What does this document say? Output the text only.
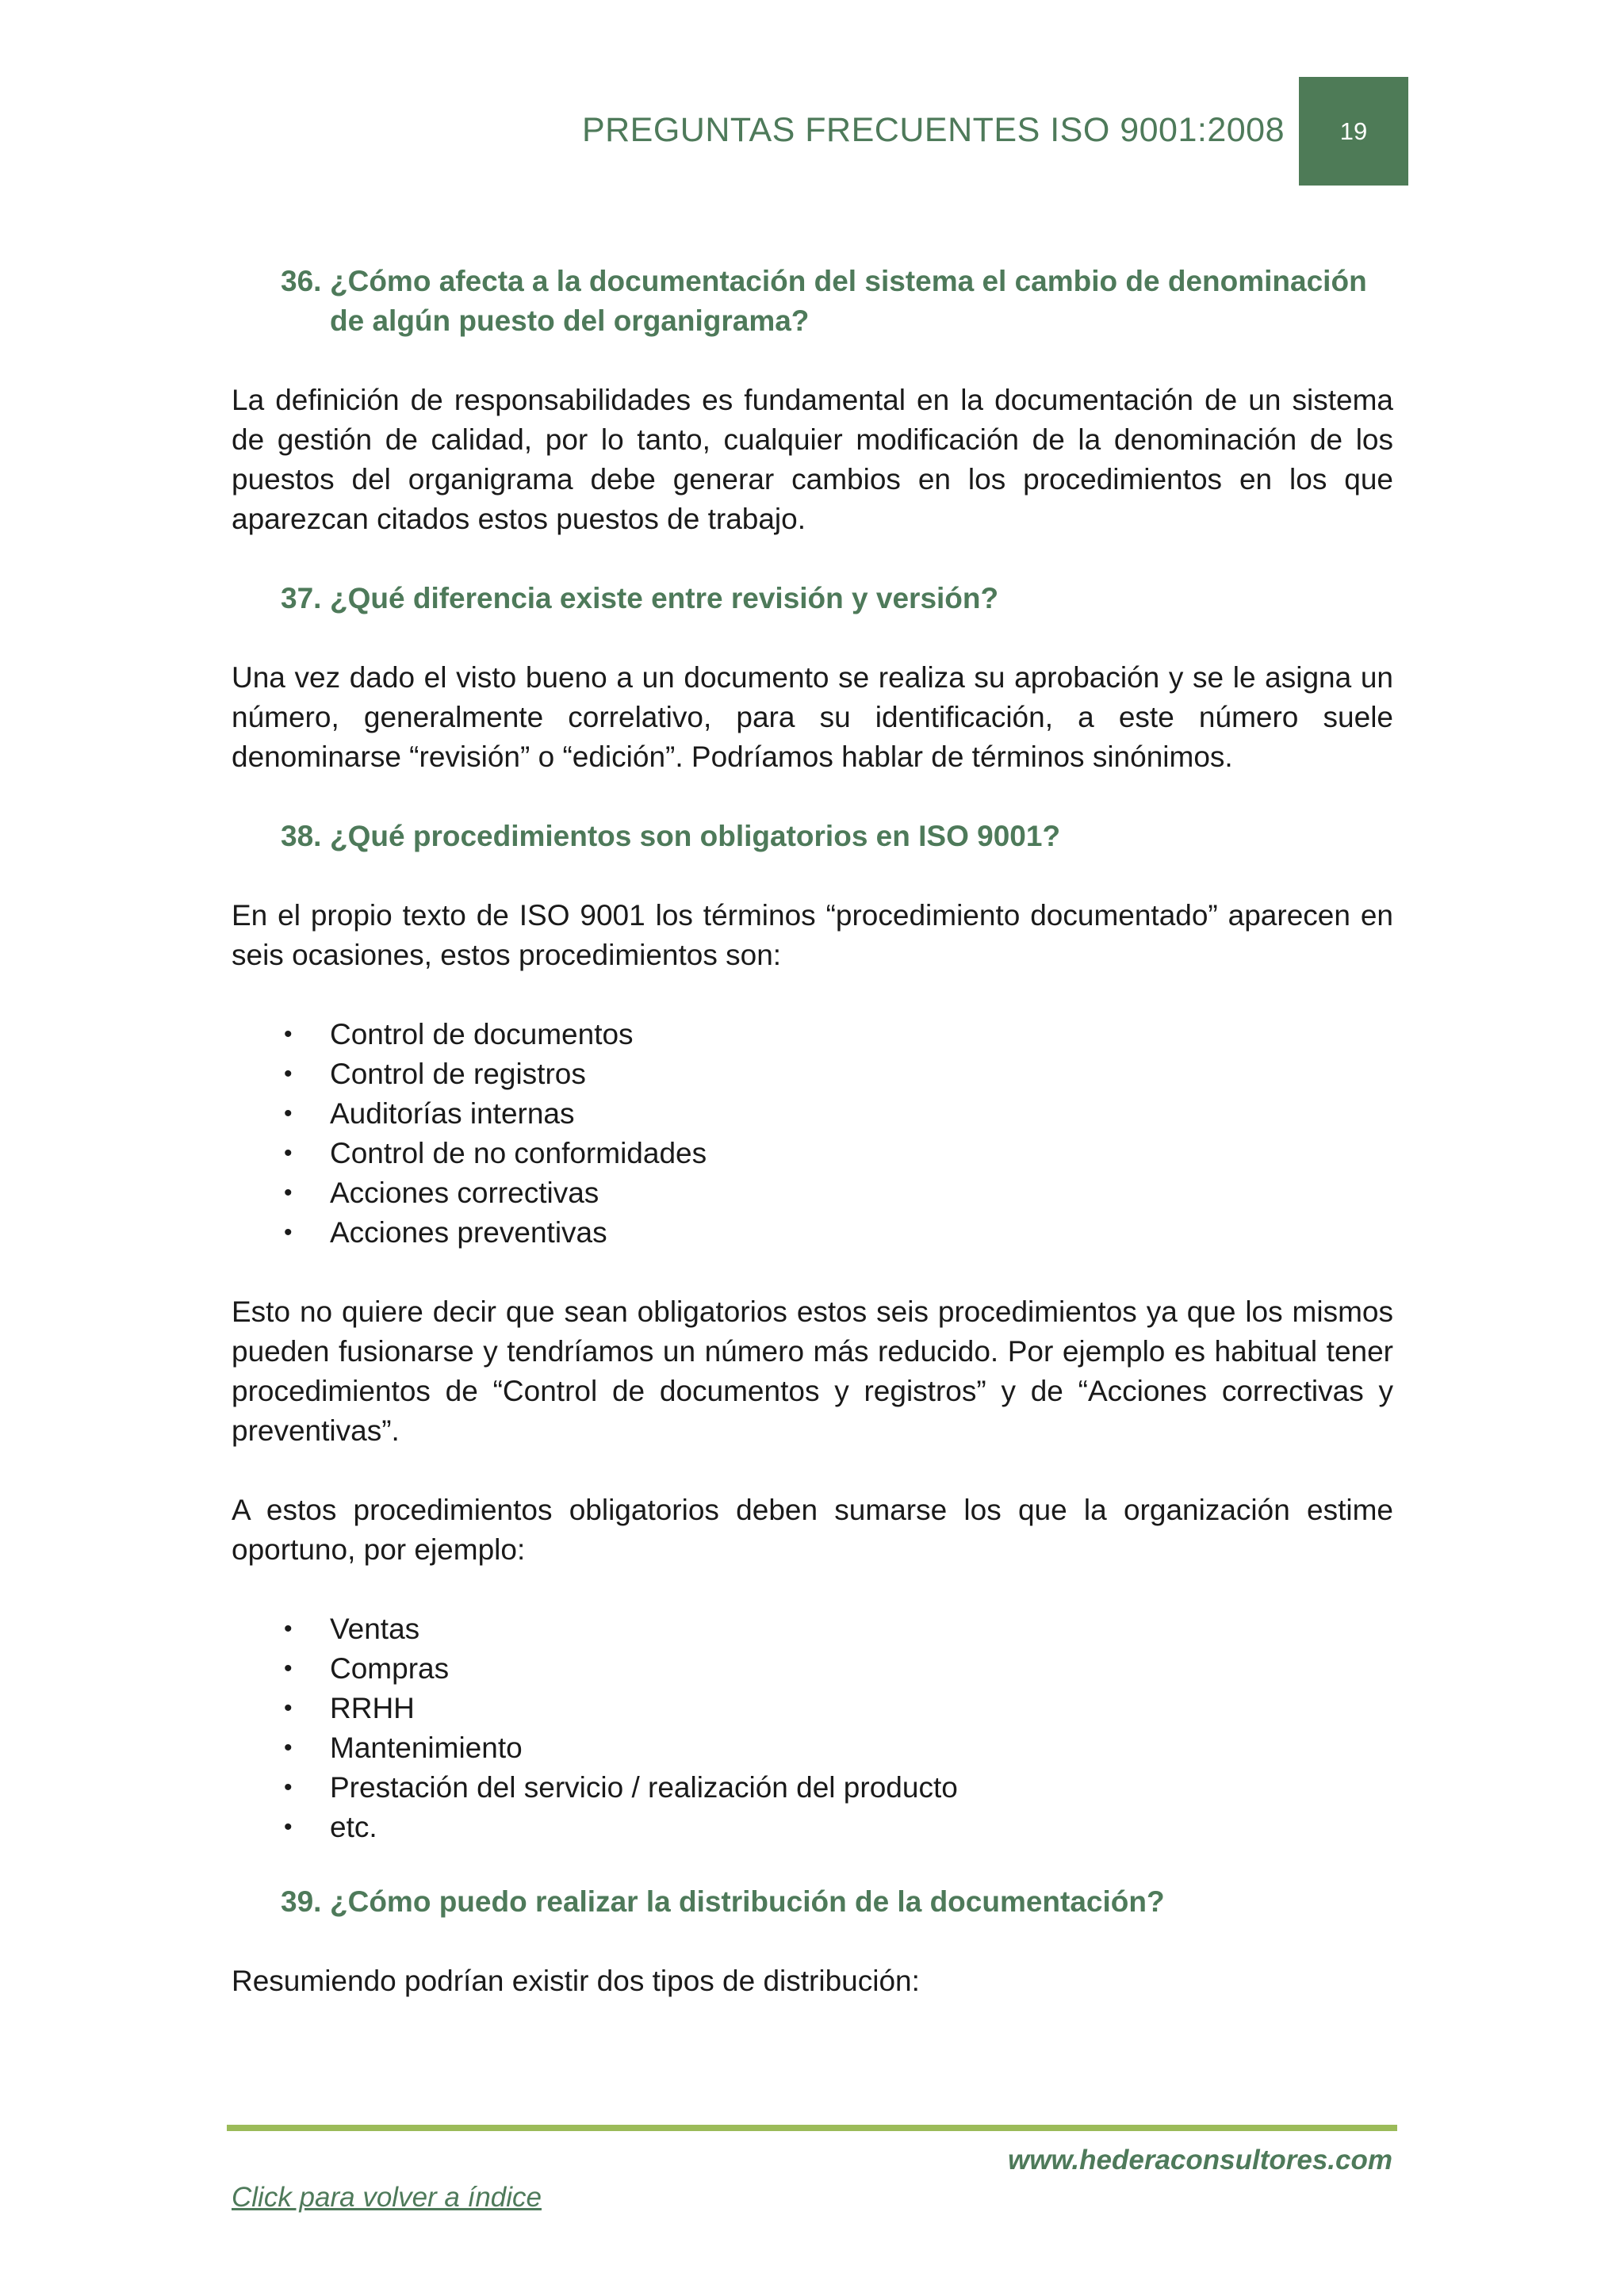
PREGUNTAS FRECUENTES ISO 9001:2008 19
36. ¿Cómo afecta a la documentación del sistema el cambio de denominación de algún puesto del organigrama?

La definición de responsabilidades es fundamental en la documentación de un sistema de gestión de calidad, por lo tanto, cualquier modificación de la denominación de los puestos del organigrama debe generar cambios en los procedimientos en los que aparezcan citados estos puestos de trabajo.

37. ¿Qué diferencia existe entre revisión y versión?

Una vez dado el visto bueno a un documento se realiza su aprobación y se le asigna un número, generalmente correlativo, para su identificación, a este número suele denominarse “revisión” o “edición”. Podríamos hablar de términos sinónimos.

38. ¿Qué procedimientos son obligatorios en ISO 9001?

En el propio texto de ISO 9001 los términos “procedimiento documentado” aparecen en seis ocasiones, estos procedimientos son:

• Control de documentos
• Control de registros
• Auditorías internas
• Control de no conformidades
• Acciones correctivas
• Acciones preventivas

Esto no quiere decir que sean obligatorios estos seis procedimientos ya que los mismos pueden fusionarse y tendríamos un número más reducido. Por ejemplo es habitual tener procedimientos de “Control de documentos y registros” y de “Acciones correctivas y preventivas”.

A estos procedimientos obligatorios deben sumarse los que la organización estime oportuno, por ejemplo:

• Ventas
• Compras
• RRHH
• Mantenimiento
• Prestación del servicio / realización del producto
• etc.
39. ¿Cómo puedo realizar la distribución de la documentación?

Resumiendo podrían existir dos tipos de distribución:

www.hederaconsultores.com
Click para volver a índice
